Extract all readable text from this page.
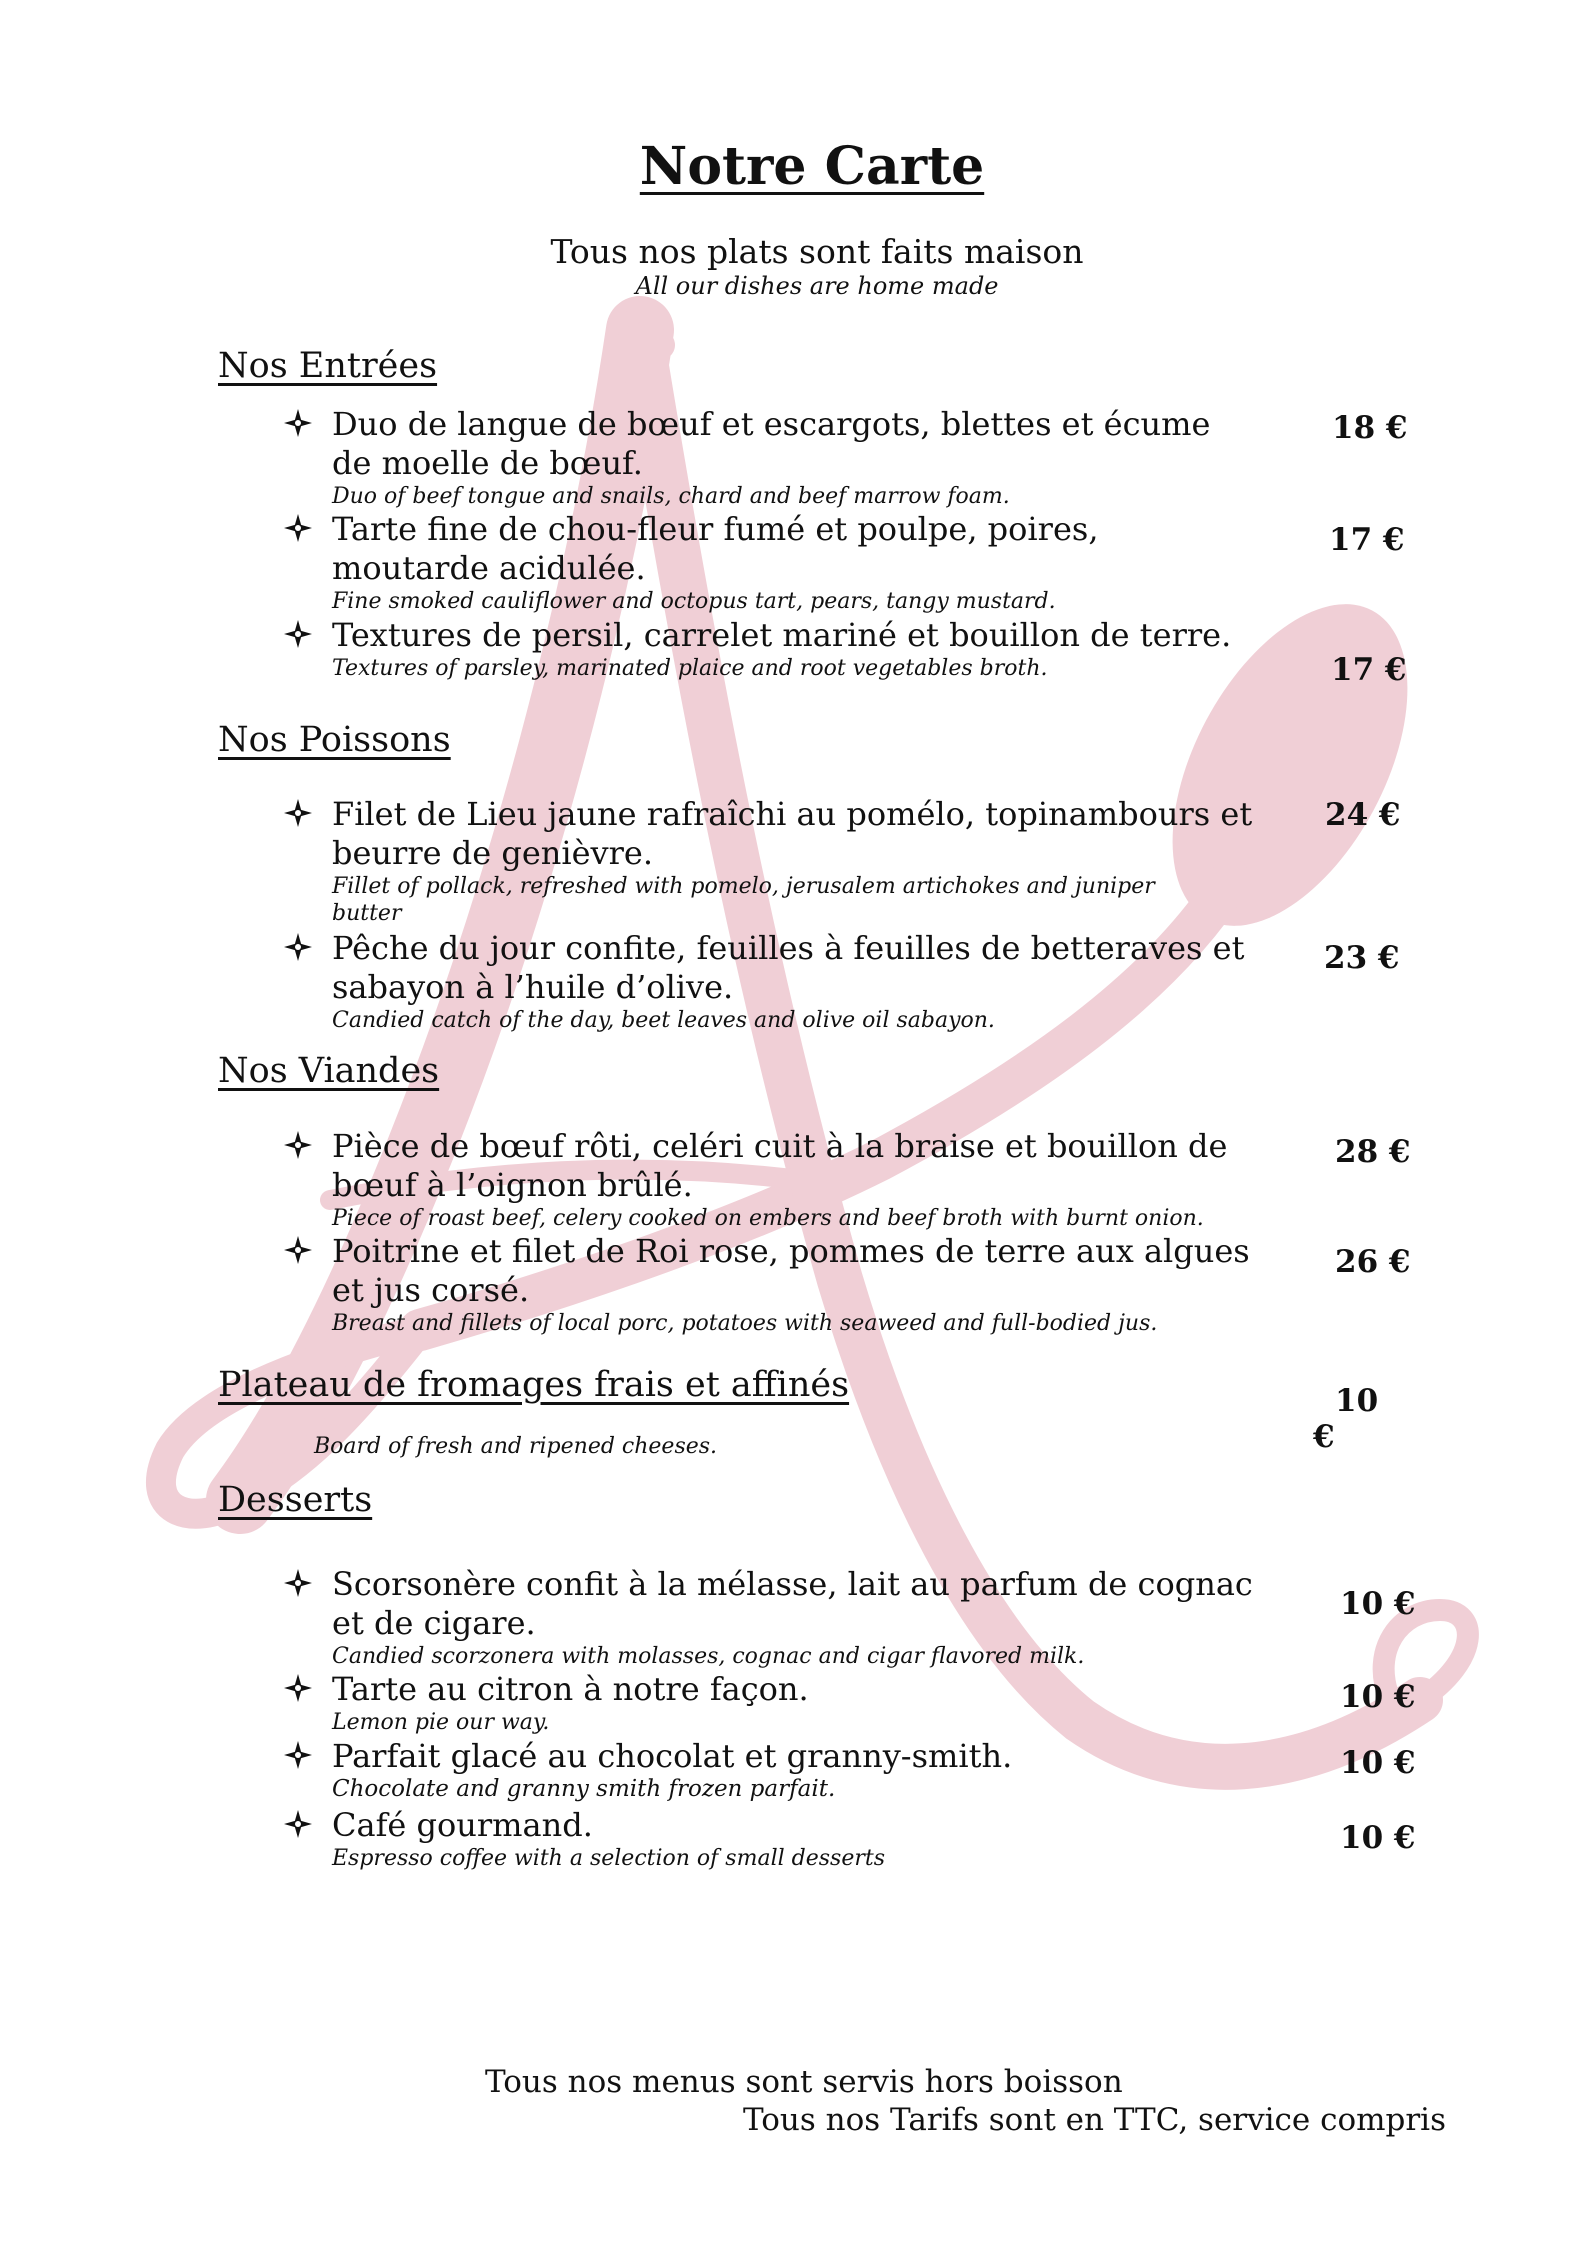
Notre Carte
Tous nos plats sont faits maison
All our dishes are home made
Nos Entrées
Duo de langue de bœuf et escargots, blettes et écume de moelle de bœuf.
Duo of beef tongue and snails, chard and beef marrow foam.
18 €
Tarte fine de chou-fleur fumé et poulpe, poires, moutarde acidulée.
Fine smoked cauliflower and octopus tart, pears, tangy mustard.
17 €
Textures de persil, carrelet mariné et bouillon de terre.
Textures of parsley, marinated plaice and root vegetables broth.	17 €
Nos Poissons
Filet de Lieu jaune rafraîchi au pomélo, topinambours et beurre de genièvre.
Fillet of pollack, refreshed with pomelo, jerusalem artichokes and juniper butter
24 €
Pêche du jour confite, feuilles à feuilles de betteraves et sabayon à l’huile d’olive.
Candied catch of the day, beet leaves and olive oil sabayon.
23 €
Nos Viandes
Pièce de bœuf rôti, celéri cuit à la braise et bouillon de bœuf à l’oignon brûlé.
Piece of roast beef, celery cooked on embers and beef broth with burnt onion.
28 €
Poitrine et filet de Roi rose, pommes de terre aux algues et jus corsé.
Breast and fillets of local porc, potatoes with seaweed and full-bodied jus.
26 €
Plateau de fromages frais et affinés
Board of fresh and ripened cheeses.
10
€
Desserts
Scorsonère confit à la mélasse, lait au parfum de cognac et de cigare.
Candied scorzonera with molasses, cognac and cigar flavored milk.
10 €
Tarte au citron à notre façon.
Lemon pie our way.
10 €
Parfait glacé au chocolat et granny-smith.
Chocolate and granny smith frozen parfait.
10 €
Café gourmand.
Espresso coffee with a selection of small desserts
10 €
Tous nos menus sont servis hors boisson
Tous nos Tarifs sont en TTC, service compris
